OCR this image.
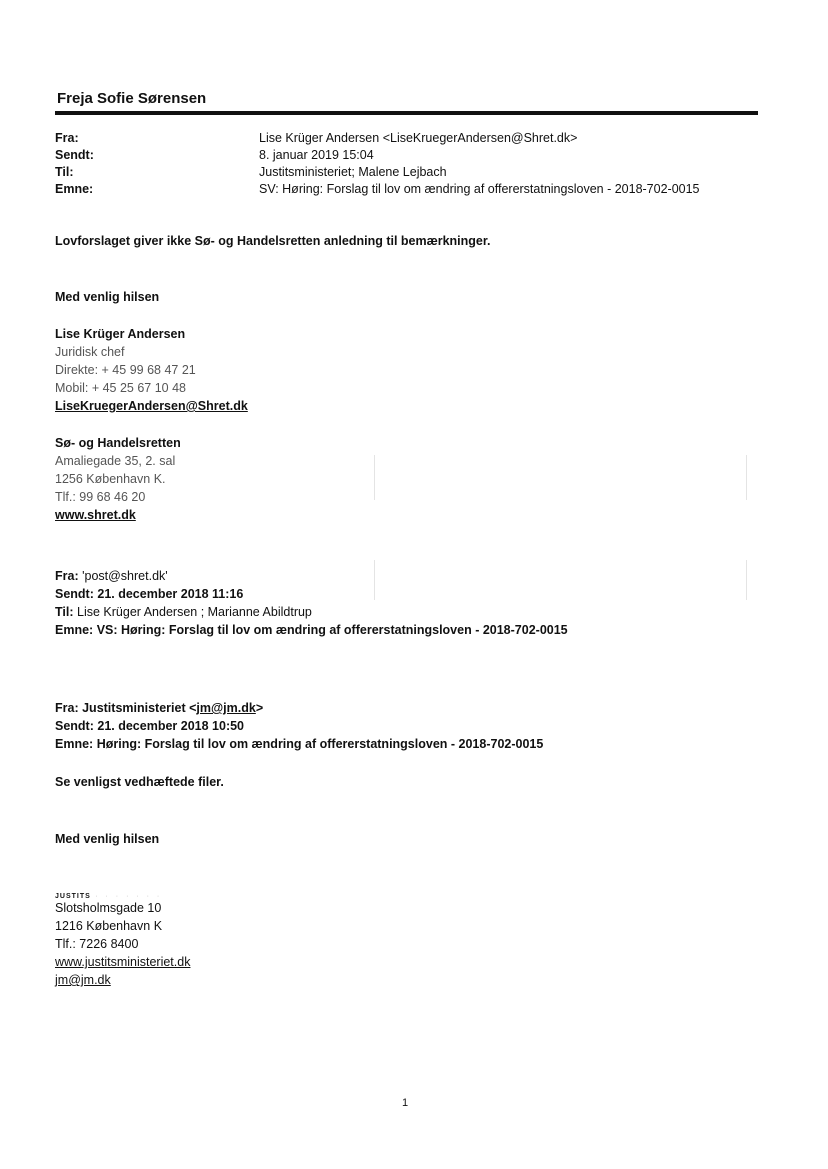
Freja Sofie Sørensen
Fra:	Lise Krüger Andersen <LiseKruegerAndersen@Shret.dk>
Sendt:	8. januar 2019 15:04
Til:	Justitsministeriet; Malene Lejbach
Emne:	SV: Høring: Forslag til lov om ændring af offererstatningsloven - 2018-702-0015
Lovforslaget giver ikke Sø- og Handelsretten anledning til bemærkninger.
Med venlig hilsen
Lise Krüger Andersen
Juridisk chef
Direkte: + 45 99 68 47 21
Mobil: + 45 25 67 10 48
LiseKruegerAndersen@Shret.dk
Sø- og Handelsretten
Amaliegade 35, 2. sal
1256 København K.
Tlf.: 99 68 46 20
www.shret.dk
Fra: 'post@shret.dk'
Sendt: 21. december 2018 11:16
Til: Lise Krüger Andersen ; Marianne Abildtrup
Emne: VS: Høring: Forslag til lov om ændring af offererstatningsloven - 2018-702-0015
Fra: Justitsministeriet <jm@jm.dk>
Sendt: 21. december 2018 10:50
Emne: Høring: Forslag til lov om ændring af offererstatningsloven - 2018-702-0015
Se venligst vedhæftede filer.
Med venlig hilsen
JUSTITS · · · · · · ·
Slotsholmsgade 10
1216 København K
Tlf.: 7226 8400
www.justitsministeriet.dk
jm@jm.dk
1
